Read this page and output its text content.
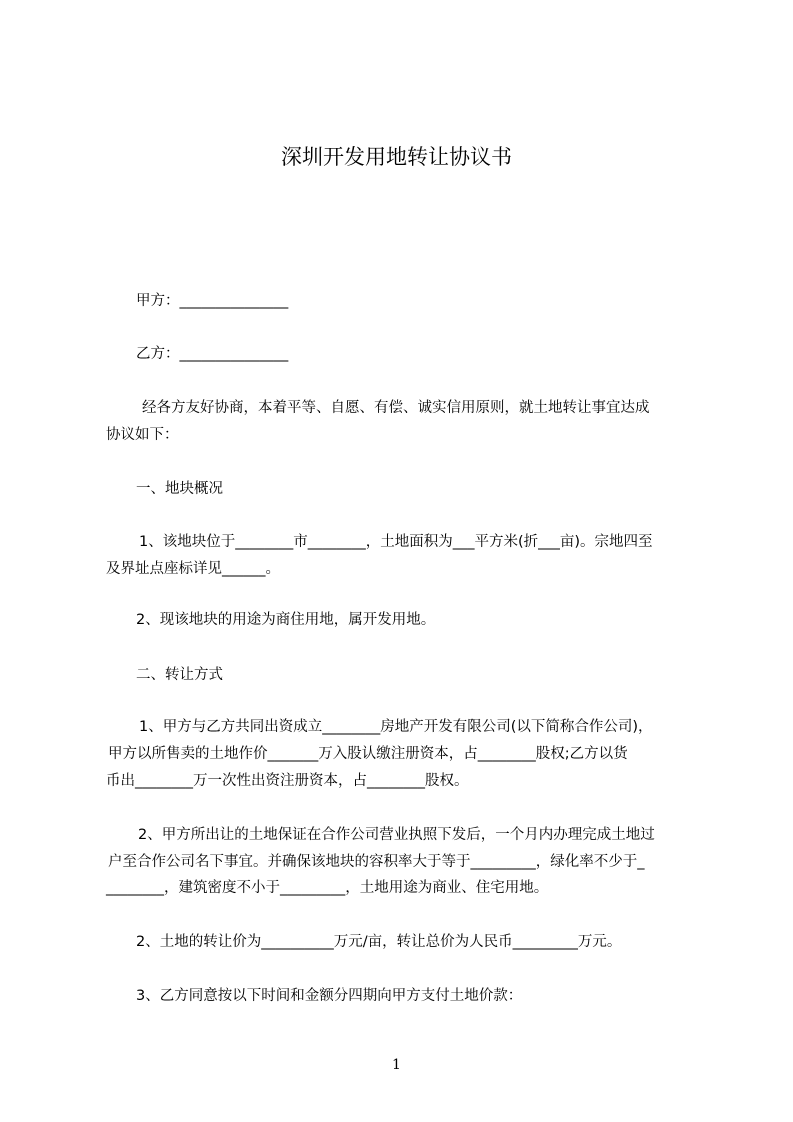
深圳开发用地转让协议书
甲方：_______________
乙方：_______________
经各方友好协商，本着平等、自愿、有偿、诚实信用原则，就土地转让事宜达成
协议如下：
一、地块概况
1、该地块位于________市________，土地面积为___平方米(折___亩)。宗地四至
及界址点座标详见______。
2、现该地块的用途为商住用地，属开发用地。
二、转让方式
1、甲方与乙方共同出资成立________房地产开发有限公司(以下简称合作公司)，
甲方以所售卖的土地作价_______万入股认缴注册资本，占________股权;乙方以货
币出________万一次性出资注册资本，占________股权。
2、甲方所出让的土地保证在合作公司营业执照下发后，一个月内办理完成土地过
户至合作公司名下事宜。并确保该地块的容积率大于等于_________，绿化率不少于_
________，建筑密度不小于_________，土地用途为商业、住宅用地。
2、土地的转让价为__________万元/亩，转让总价为人民币_________万元。
3、乙方同意按以下时间和金额分四期向甲方支付土地价款：
1
